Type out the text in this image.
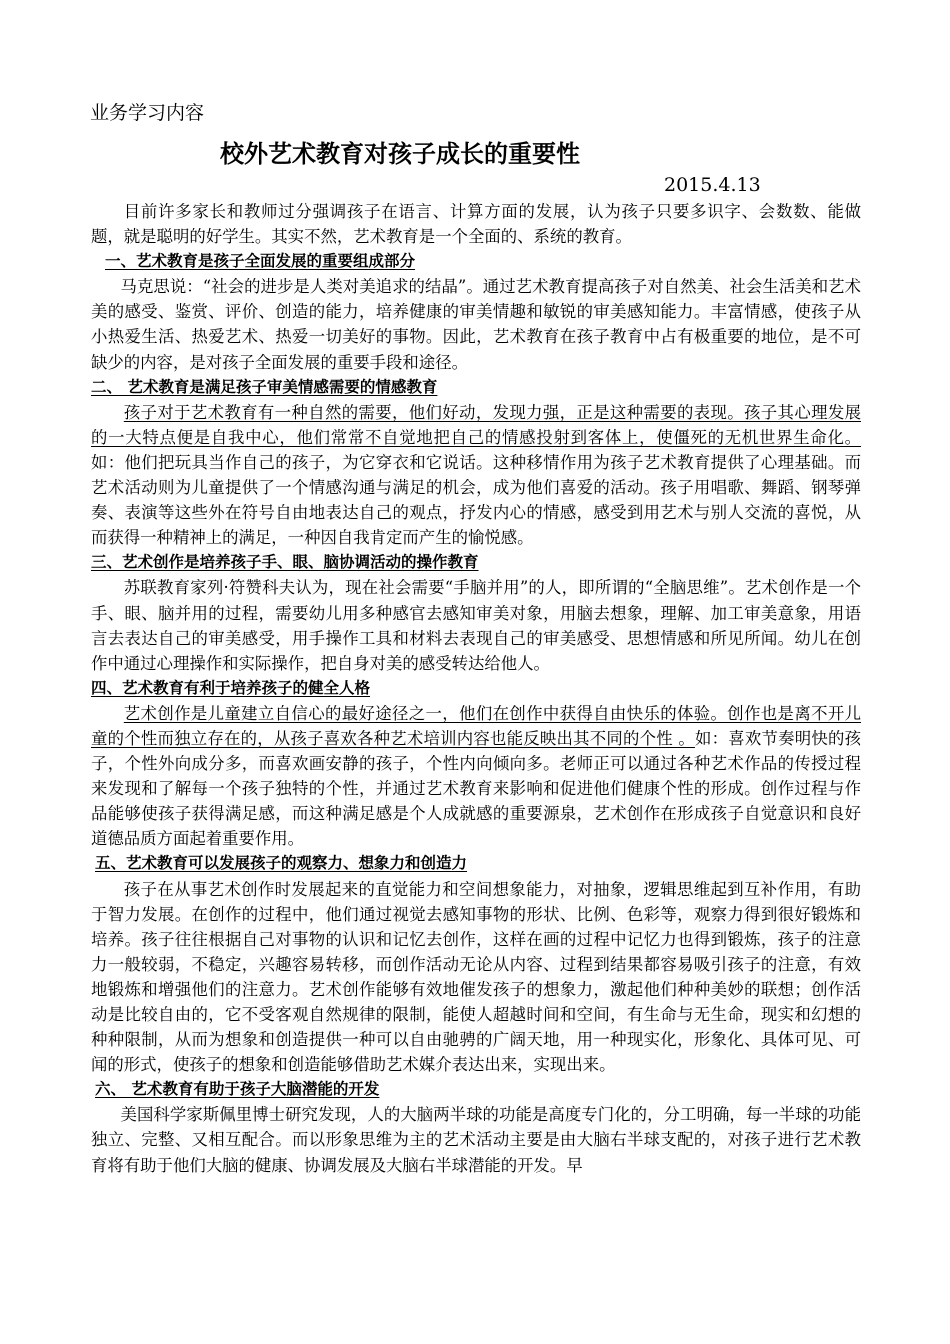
业务学习内容
校外艺术教育对孩子成长的重要性
2015.4.13

目前许多家长和教师过分强调孩子在语言、计算方面的发展，认为孩子只要多识字、会数数、能做题，就是聪明的好学生。其实不然，艺术教育是一个全面的、系统的教育。

一、艺术教育是孩子全面发展的重要组成部分

马克思说：“社会的进步是人类对美追求的结晶”。通过艺术教育提高孩子对自然美、社会生活美和艺术美的感受、鉴赏、评价、创造的能力，培养健康的审美情趣和敏锐的审美感知能力。丰富情感，使孩子从小热爱生活、热爱艺术、热爱一切美好的事物。因此，艺术教育在孩子教育中占有极重要的地位，是不可缺少的内容，是对孩子全面发展的重要手段和途径。

二、 艺术教育是满足孩子审美情感需要的情感教育

孩子对于艺术教育有一种自然的需要，他们好动，发现力强，正是这种需要的表现。孩子其心理发展的一大特点便是自我中心，他们常常不自觉地把自己的情感投射到客体上，使僵死的无机世界生命化。如：他们把玩具当作自己的孩子，为它穿衣和它说话。这种移情作用为孩子艺术教育提供了心理基础。而艺术活动则为儿童提供了一个情感沟通与满足的机会，成为他们喜爱的活动。孩子用唱歌、舞蹈、钢琴弹奏、表演等这些外在符号自由地表达自己的观点，抒发内心的情感，感受到用艺术与别人交流的喜悦，从而获得一种精神上的满足，一种因自我肯定而产生的愉悦感。

三、艺术创作是培养孩子手、眼、脑协调活动的操作教育

苏联教育家列·符赞科夫认为，现在社会需要“手脑并用”的人，即所谓的“全脑思维”。艺术创作是一个手、眼、脑并用的过程，需要幼儿用多种感官去感知审美对象，用脑去想象，理解、加工审美意象，用语言去表达自己的审美感受，用手操作工具和材料去表现自己的审美感受、思想情感和所见所闻。幼儿在创作中通过心理操作和实际操作，把自身对美的感受转达给他人。

四、艺术教育有利于培养孩子的健全人格

艺术创作是儿童建立自信心的最好途径之一，他们在创作中获得自由快乐的体验。创作也是离不开儿童的个性而独立存在的，从孩子喜欢各种艺术培训内容也能反映出其不同的个性 。如：喜欢节奏明快的孩子，个性外向成分多，而喜欢画安静的孩子，个性内向倾向多。老师正可以通过各种艺术作品的传授过程来发现和了解每一个孩子独特的个性，并通过艺术教育来影响和促进他们健康个性的形成。创作过程与作品能够使孩子获得满足感，而这种满足感是个人成就感的重要源泉，艺术创作在形成孩子自觉意识和良好道德品质方面起着重要作用。

五、艺术教育可以发展孩子的观察力、想象力和创造力

孩子在从事艺术创作时发展起来的直觉能力和空间想象能力，对抽象，逻辑思维起到互补作用，有助于智力发展。在创作的过程中，他们通过视觉去感知事物的形状、比例、色彩等，观察力得到很好锻炼和培养。孩子往往根据自己对事物的认识和记忆去创作，这样在画的过程中记忆力也得到锻炼，孩子的注意力一般较弱，不稳定，兴趣容易转移，而创作活动无论从内容、过程到结果都容易吸引孩子的注意，有效地锻炼和增强他们的注意力。艺术创作能够有效地催发孩子的想象力，激起他们种种美妙的联想；创作活动是比较自由的，它不受客观自然规律的限制，能使人超越时间和空间，有生命与无生命，现实和幻想的种种限制，从而为想象和创造提供一种可以自由驰骋的广阔天地，用一种现实化，形象化、具体可见、可闻的形式，使孩子的想象和创造能够借助艺术媒介表达出来，实现出来。

六、 艺术教育有助于孩子大脑潜能的开发

美国科学家斯佩里博士研究发现，人的大脑两半球的功能是高度专门化的，分工明确，每一半球的功能独立、完整、又相互配合。而以形象思维为主的艺术活动主要是由大脑右半球支配的，对孩子进行艺术教育将有助于他们大脑的健康、协调发展及大脑右半球潜能的开发。早
